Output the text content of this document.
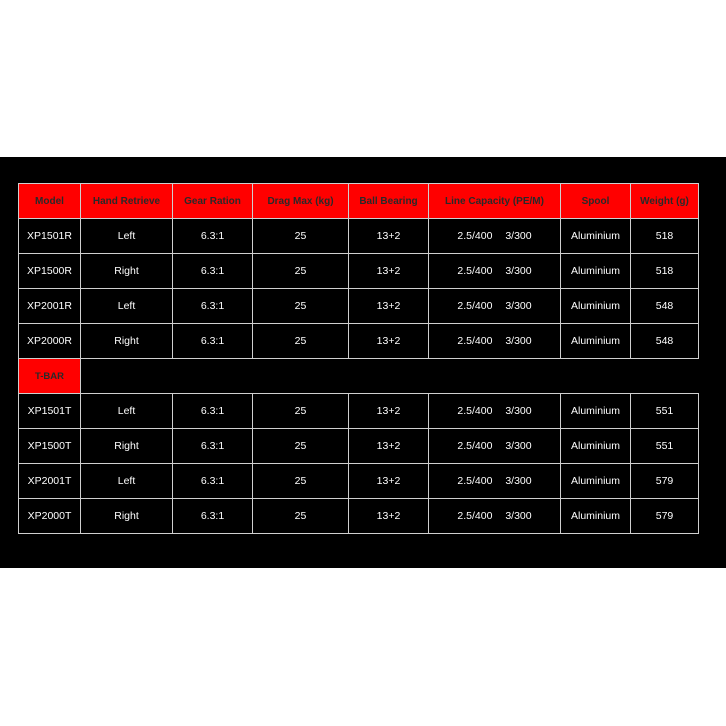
Model	Hand Retrieve	Gear Ration	Drag Max (kg)	Ball Bearing	Line Capacity (PE/M)	Spool	Weight (g)
XP1501R	Left	6.3:1	25	13+2	2.5/400 3/300	Aluminium	518
XP1500R	Right	6.3:1	25	13+2	2.5/400 3/300	Aluminium	518
XP2001R	Left	6.3:1	25	13+2	2.5/400 3/300	Aluminium	548
XP2000R	Right	6.3:1	25	13+2	2.5/400 3/300	Aluminium	548
T-BAR							
XP1501T	Left	6.3:1	25	13+2	2.5/400 3/300	Aluminium	551
XP1500T	Right	6.3:1	25	13+2	2.5/400 3/300	Aluminium	551
XP2001T	Left	6.3:1	25	13+2	2.5/400 3/300	Aluminium	579
XP2000T	Right	6.3:1	25	13+2	2.5/400 3/300	Aluminium	579
